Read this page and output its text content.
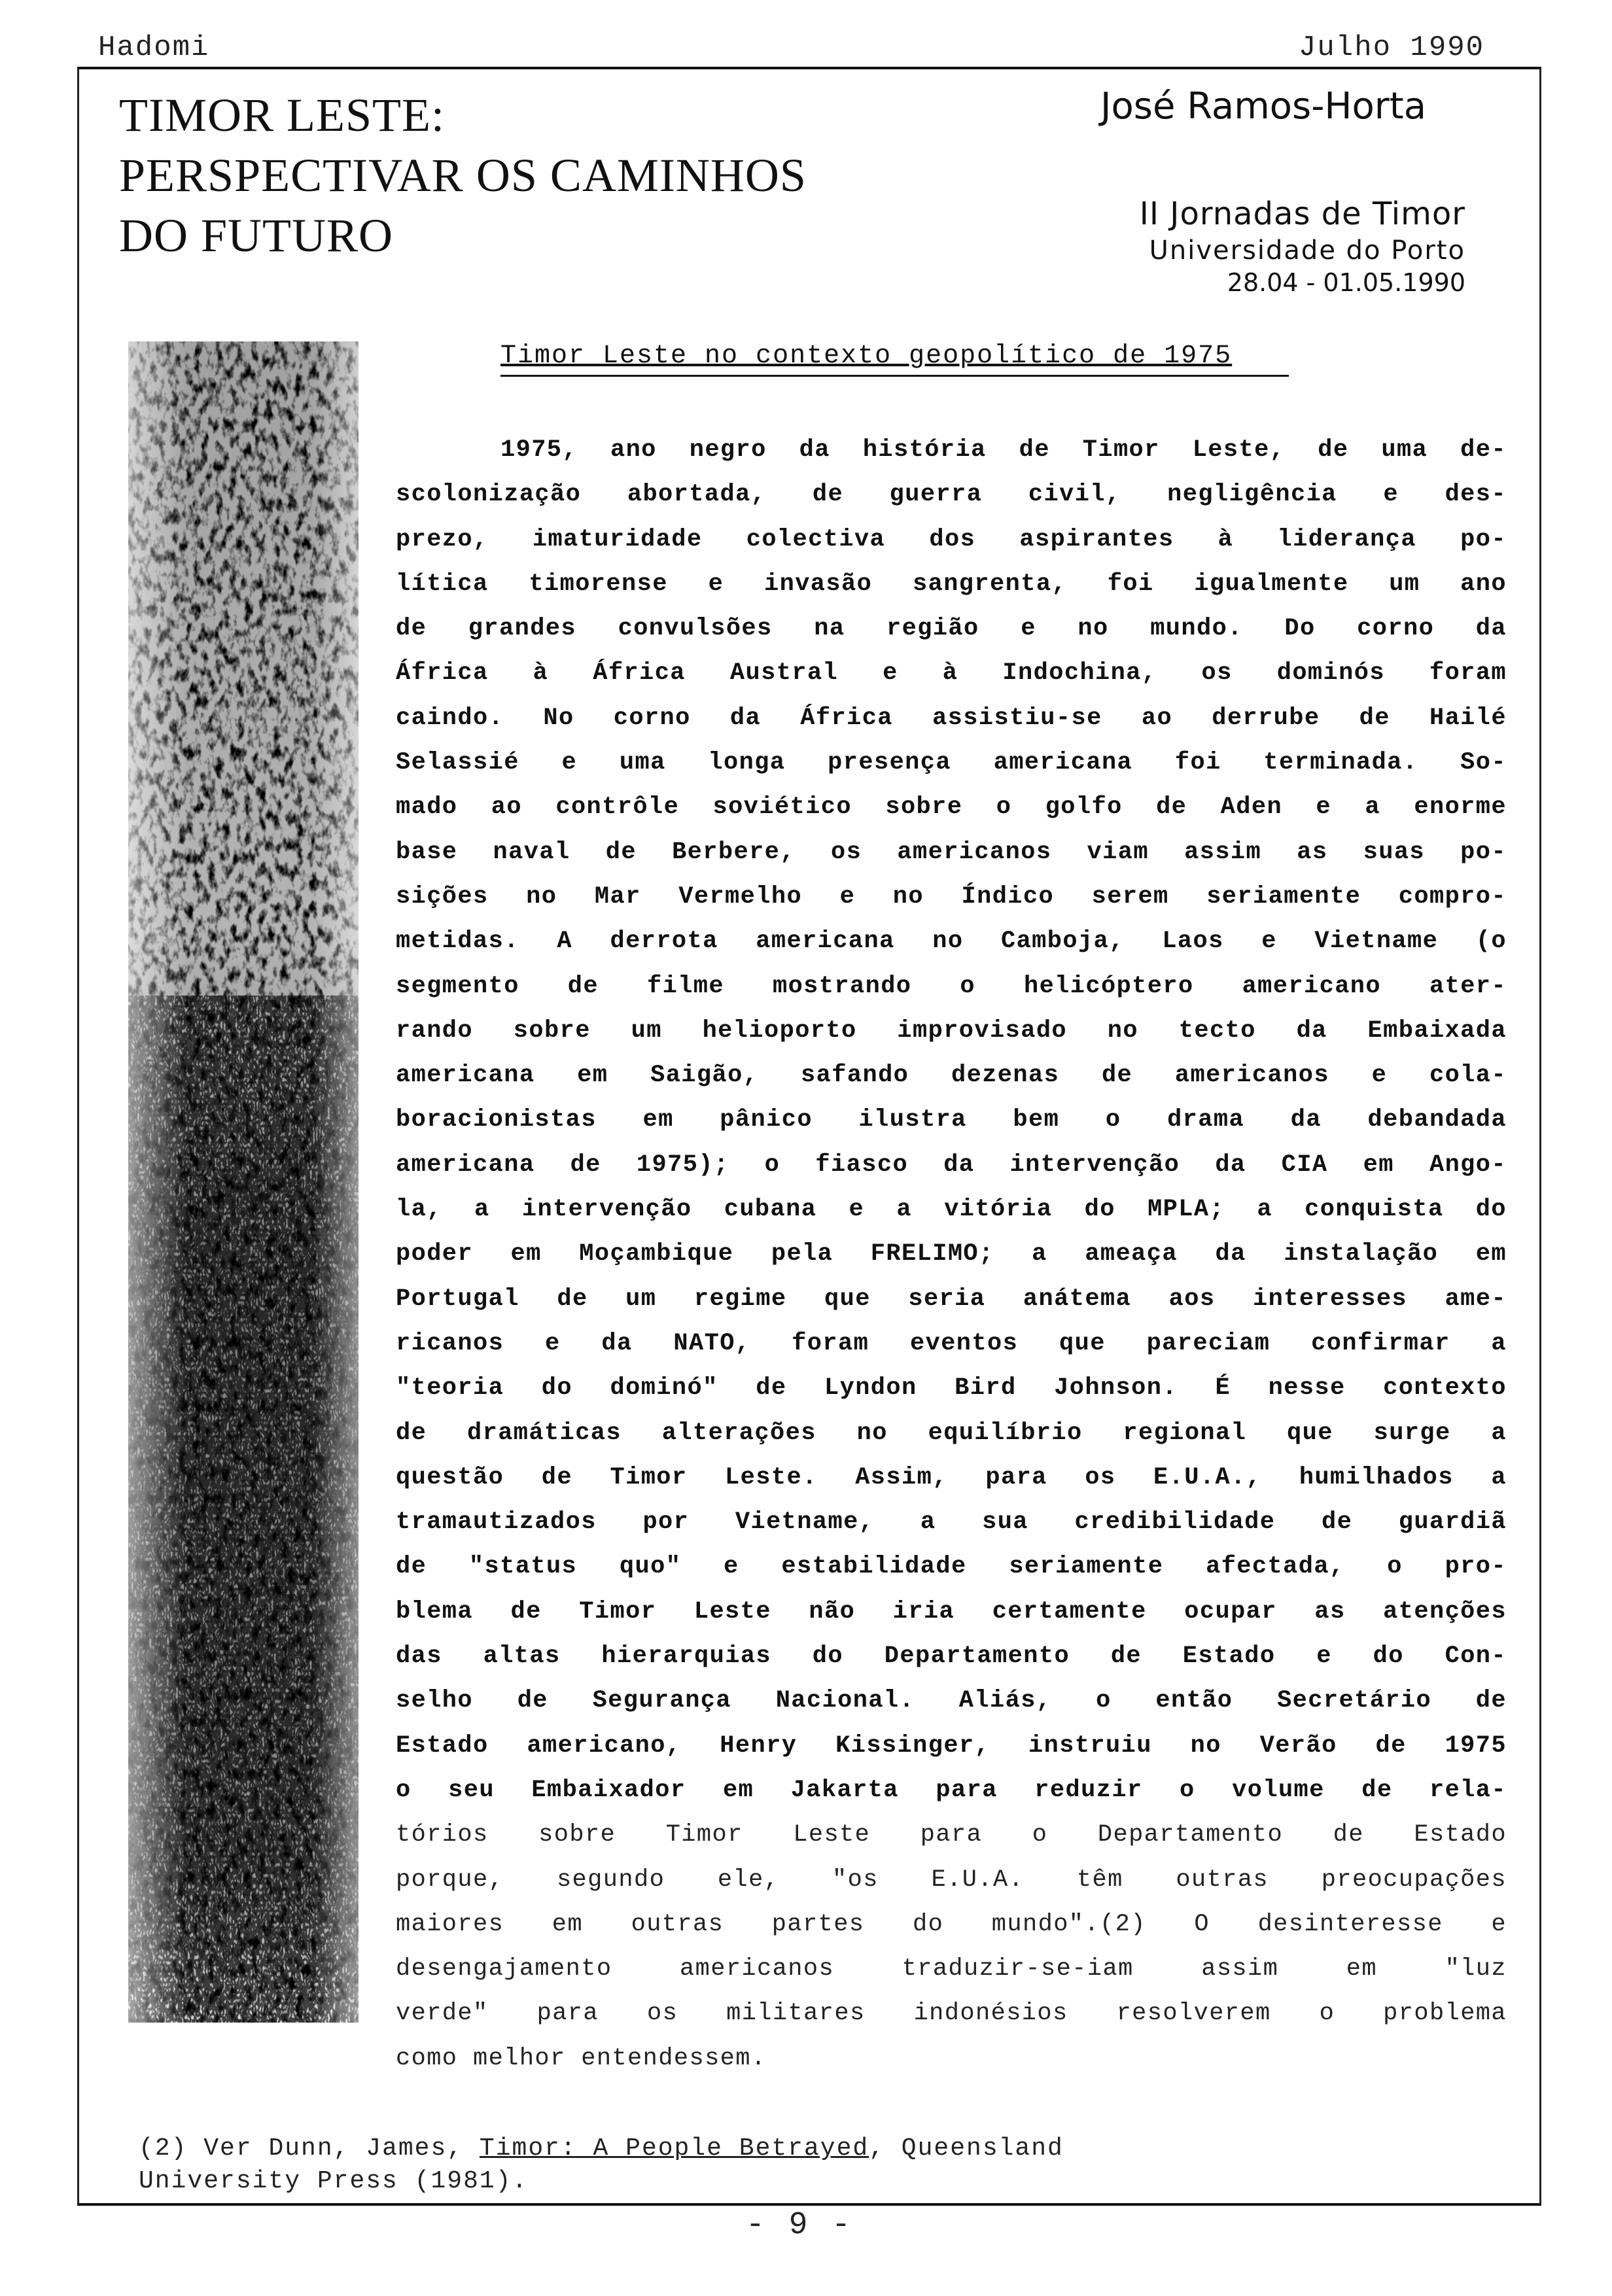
Hadomi	Julho 1990
TIMOR LESTE:
PERSPECTIVAR OS CAMINHOS
DO FUTURO
José Ramos-Horta
II Jornadas de Timor
Universidade do Porto
28.04 - 01.05.1990
Timor Leste no contexto geopolítico de 1975
1975, ano negro da história de Timor Leste, de uma de-
scolonização abortada, de guerra civil, negligência e des-
prezo, imaturidade colectiva dos aspirantes à liderança po-
lítica timorense e invasão sangrenta, foi igualmente um ano
de grandes convulsões na região e no mundo. Do corno da
África à África Austral e à Indochina, os dominós foram
caindo. No corno da África assistiu-se ao derrube de Hailé
Selassié e uma longa presença americana foi terminada. So-
mado ao contrôle soviético sobre o golfo de Aden e a enorme
base naval de Berbere, os americanos viam assim as suas po-
sições no Mar Vermelho e no Índico serem seriamente compro-
metidas. A derrota americana no Camboja, Laos e Vietname (o
segmento de filme mostrando o helicóptero americano ater-
rando sobre um helioporto improvisado no tecto da Embaixada
americana em Saigão, safando dezenas de americanos e cola-
boracionistas em pânico ilustra bem o drama da debandada
americana de 1975); o fiasco da intervenção da CIA em Ango-
la, a intervenção cubana e a vitória do MPLA; a conquista do
poder em Moçambique pela FRELIMO; a ameaça da instalação em
Portugal de um regime que seria anátema aos interesses ame-
ricanos e da NATO, foram eventos que pareciam confirmar a
"teoria do dominó" de Lyndon Bird Johnson. É nesse contexto
de dramáticas alterações no equilíbrio regional que surge a
questão de Timor Leste. Assim, para os E.U.A., humilhados a
tramautizados por Vietname, a sua credibilidade de guardiã
de "status quo" e estabilidade seriamente afectada, o pro-
blema de Timor Leste não iria certamente ocupar as atenções
das altas hierarquias do Departamento de Estado e do Con-
selho de Segurança Nacional. Aliás, o então Secretário de
Estado americano, Henry Kissinger, instruiu no Verão de 1975
o seu Embaixador em Jakarta para reduzir o volume de rela-
tórios sobre Timor Leste para o Departamento de Estado
porque, segundo ele, "os E.U.A. têm outras preocupações
maiores em outras partes do mundo".(2) O desinteresse e
desengajamento americanos traduzir-se-iam assim em "luz
verde" para os militares indonésios resolverem o problema
como melhor entendessem.
(2) Ver Dunn, James, Timor: A People Betrayed, Queensland
University Press (1981).
- 9 -
